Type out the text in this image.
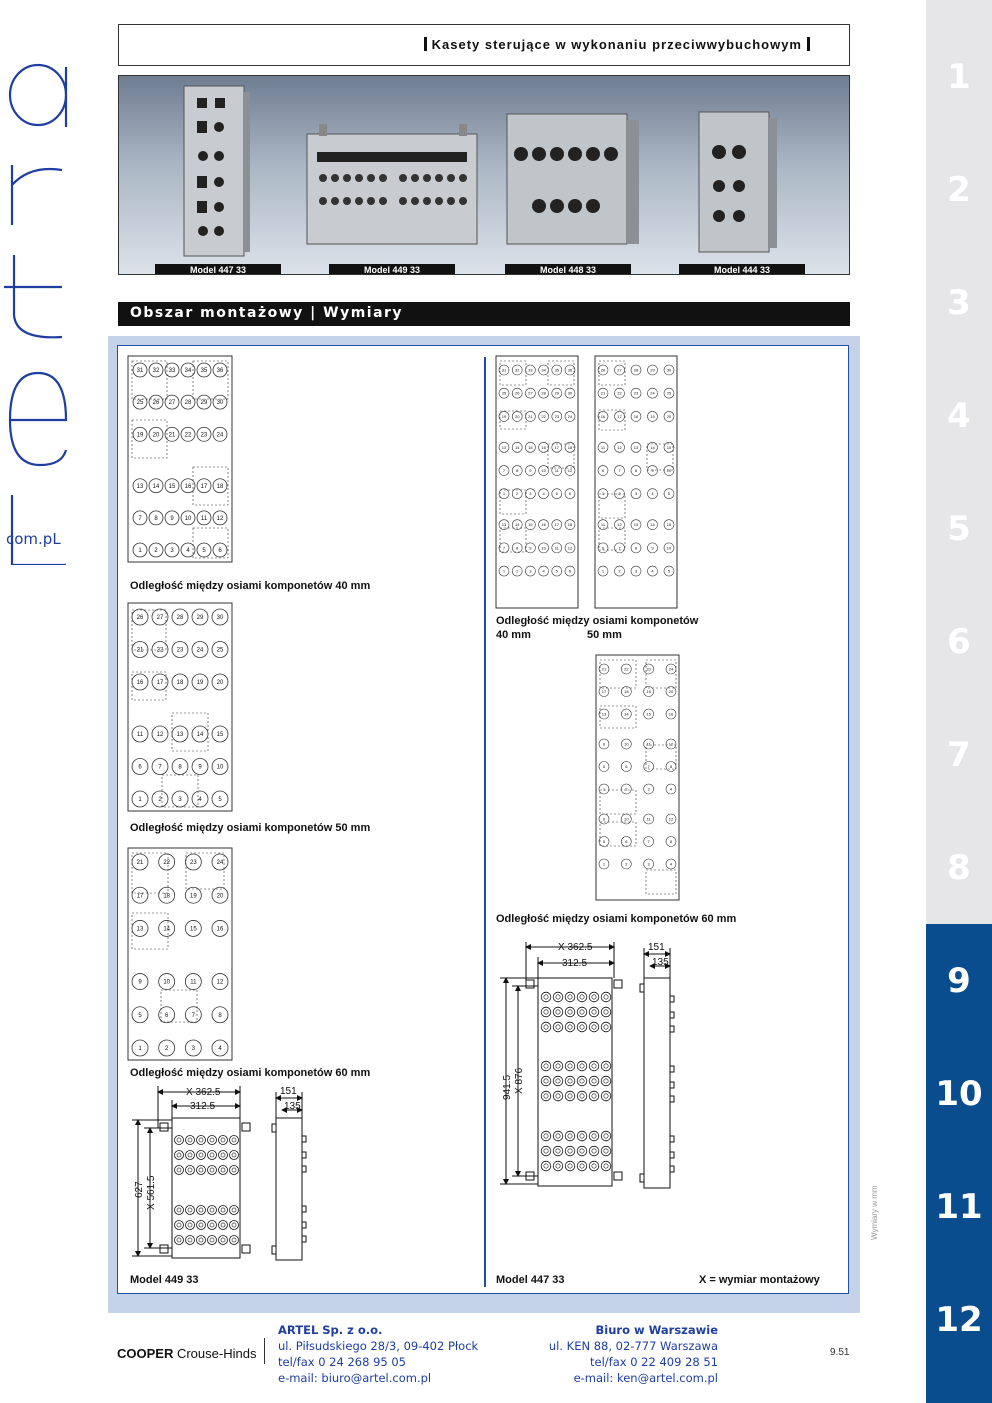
com.pL
Kasety sterujące w wykonaniu przeciwwybuchowym
Model 447 33	Model 449 33	Model 448 33	Model 444 33
Obszar montażowy | Wymiary
31 32 33 34 35 36
25 26 27 28 29 30
19 20 21 22 23 24
13 14 15 16 17 18
7 8 9 10 11 12
1 2 3 4 5 6
26 27 28 29 30
21 22 23 24 25
16 17 18 19 20
11 12 13 14 15
6	7	8	9 10
1	2	3	4	5
21	22	23	24
17	18	19	20
13	14	15	16
9	10	11	12
5	6	7	8
1	2	3	4
31 32 33 34 35 36
25 26 27 28 29 30
19 20 21 22 23 24
13 14 15 16 17 18
7	8	9 10 11 12
1	2	3	4	5	6
13 14 15 16 17 18
7	8	9 10 11 12
1	2	3	4	5	6
26	27	28	29	30
21	22	23	24	25
16	17	18	19	20
11	12	13	14	15
6	7	8	9	10
1	2	3	4	5
11	12	13	14	15
6	7	8	9	10
1	2	3	4	5
21	22	23	24
17	18	19	20
13	14	15	16
9	10	11	12
5	6	7	8
1	2	3	4
9	10	11	12
5	6	7	8
1	2	3	4
Odległość między osiami komponetów 40 mm
Odległość między osiami komponetów 50 mm
Odległość między osiami komponetów 60 mm
Odległość między osiami komponetów
40 mm	50 mm
Odległość między osiami komponetów 60 mm
Model 449 33	Model 447 33	X = wymiar montażowy
X 362.5
312.5
151
135
627 X 561.5
X 362.5
312.5
151
135
941.5 X 876
Wymiary w mm
1
2
3
4
5
6
7
8
9
10
11
12
COOPER Crouse-Hinds
ARTEL Sp. z o.o.
ul. Piłsudskiego 28/3, 09-402 Płock
tel/fax 0 24 268 95 05
e-mail: biuro@artel.com.pl
Biuro w Warszawie
ul. KEN 88, 02-777 Warszawa
tel/fax 0 22 409 28 51
e-mail: ken@artel.com.pl
9.51
